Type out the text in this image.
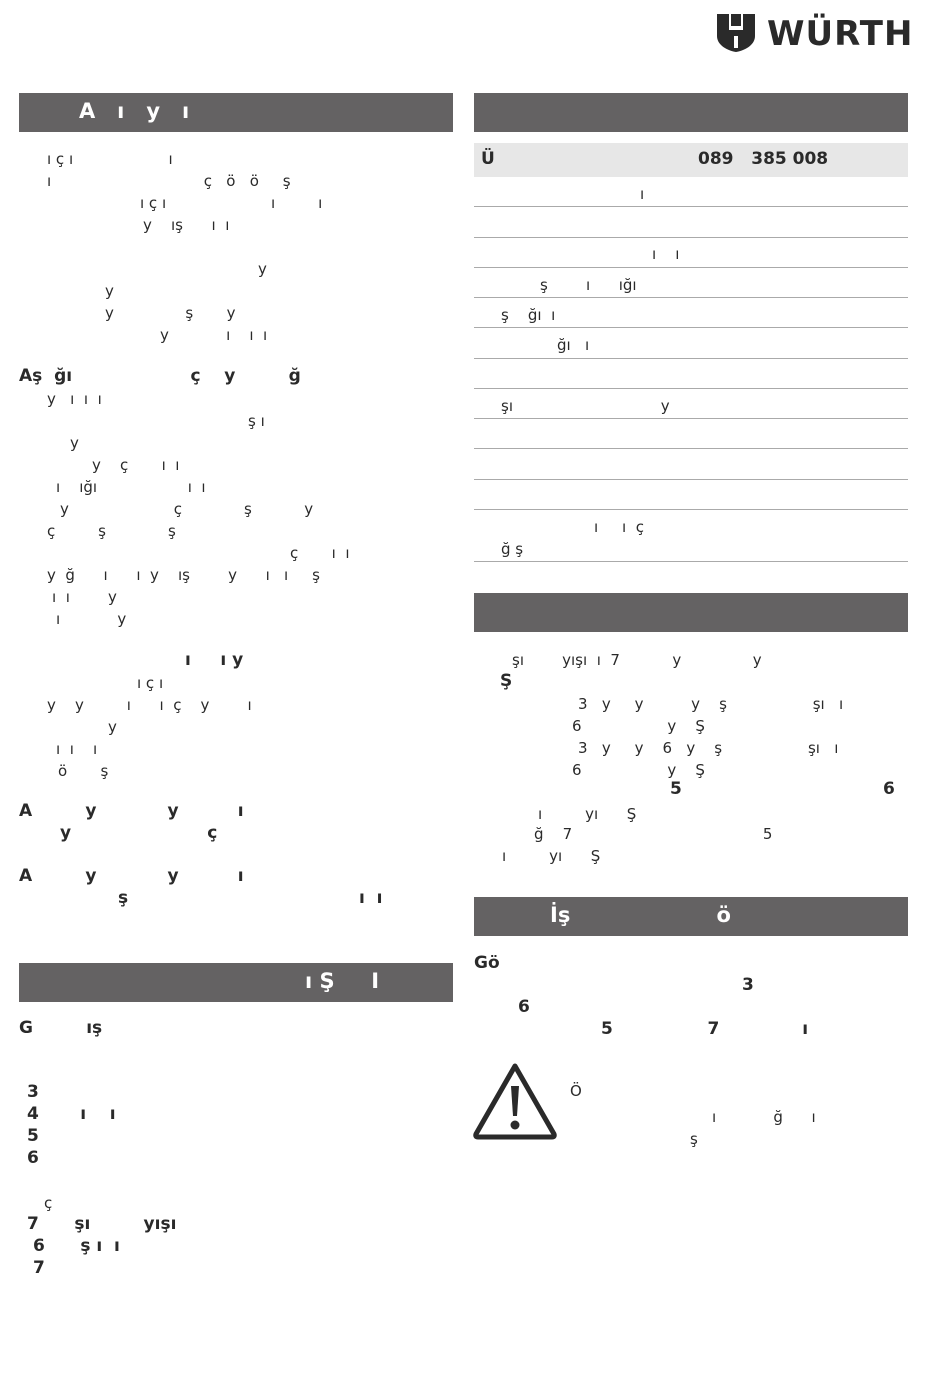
WÜRTH
A   ı   y   ı
ı ç ı                    ı
ı                                ç   ö   ö     ş
ı ç ı                      ı         ı
y    ış      ı  ı
y
y
y               ş       y
y            ı    ı  ı
Aş  ğı                    ç    y         ğ
y   ı  ı  ı
ş ı
y
y    ç       ı  ı
ı    ığı                   ı  ı
y                      ç             ş           y
ç         ş             ş
ç       ı  ı
y  ğ      ı      ı  y    ış        y      ı   ı     ş
ı  ı        y
ı            y
ı     ı y
ı ç ı
y    y         ı      ı  ç    y        ı
y
ı  ı    ı
ö       ş
A         y            y          ı
y                       ç
A         y            y          ı
ş                                       ı  ı
ı Ş     I
G         ış
3
4       ı    ı
5
6
ç
7      şı         yışı
6      ş ı  ı
7
Ü	089   385 008
ı
ı    ı
ş        ı      ığı
ş    ğı  ı
ğı   ı
şı                               y
ı     ı  ç
ğ ş
şı        yışı  ı  7           y               y
Ş
3   y     y          y    ş                  şı   ı
6                  y    Ş
3   y     y    6   y    ş                  şı   ı
6                  y    Ş
5                                  6
ı         yı      Ş
ğ    7                                        5
ı         yı      Ş
İş                    ö
Gö
3
6
5                7              ı
Ö
ı            ğ      ı
ş
